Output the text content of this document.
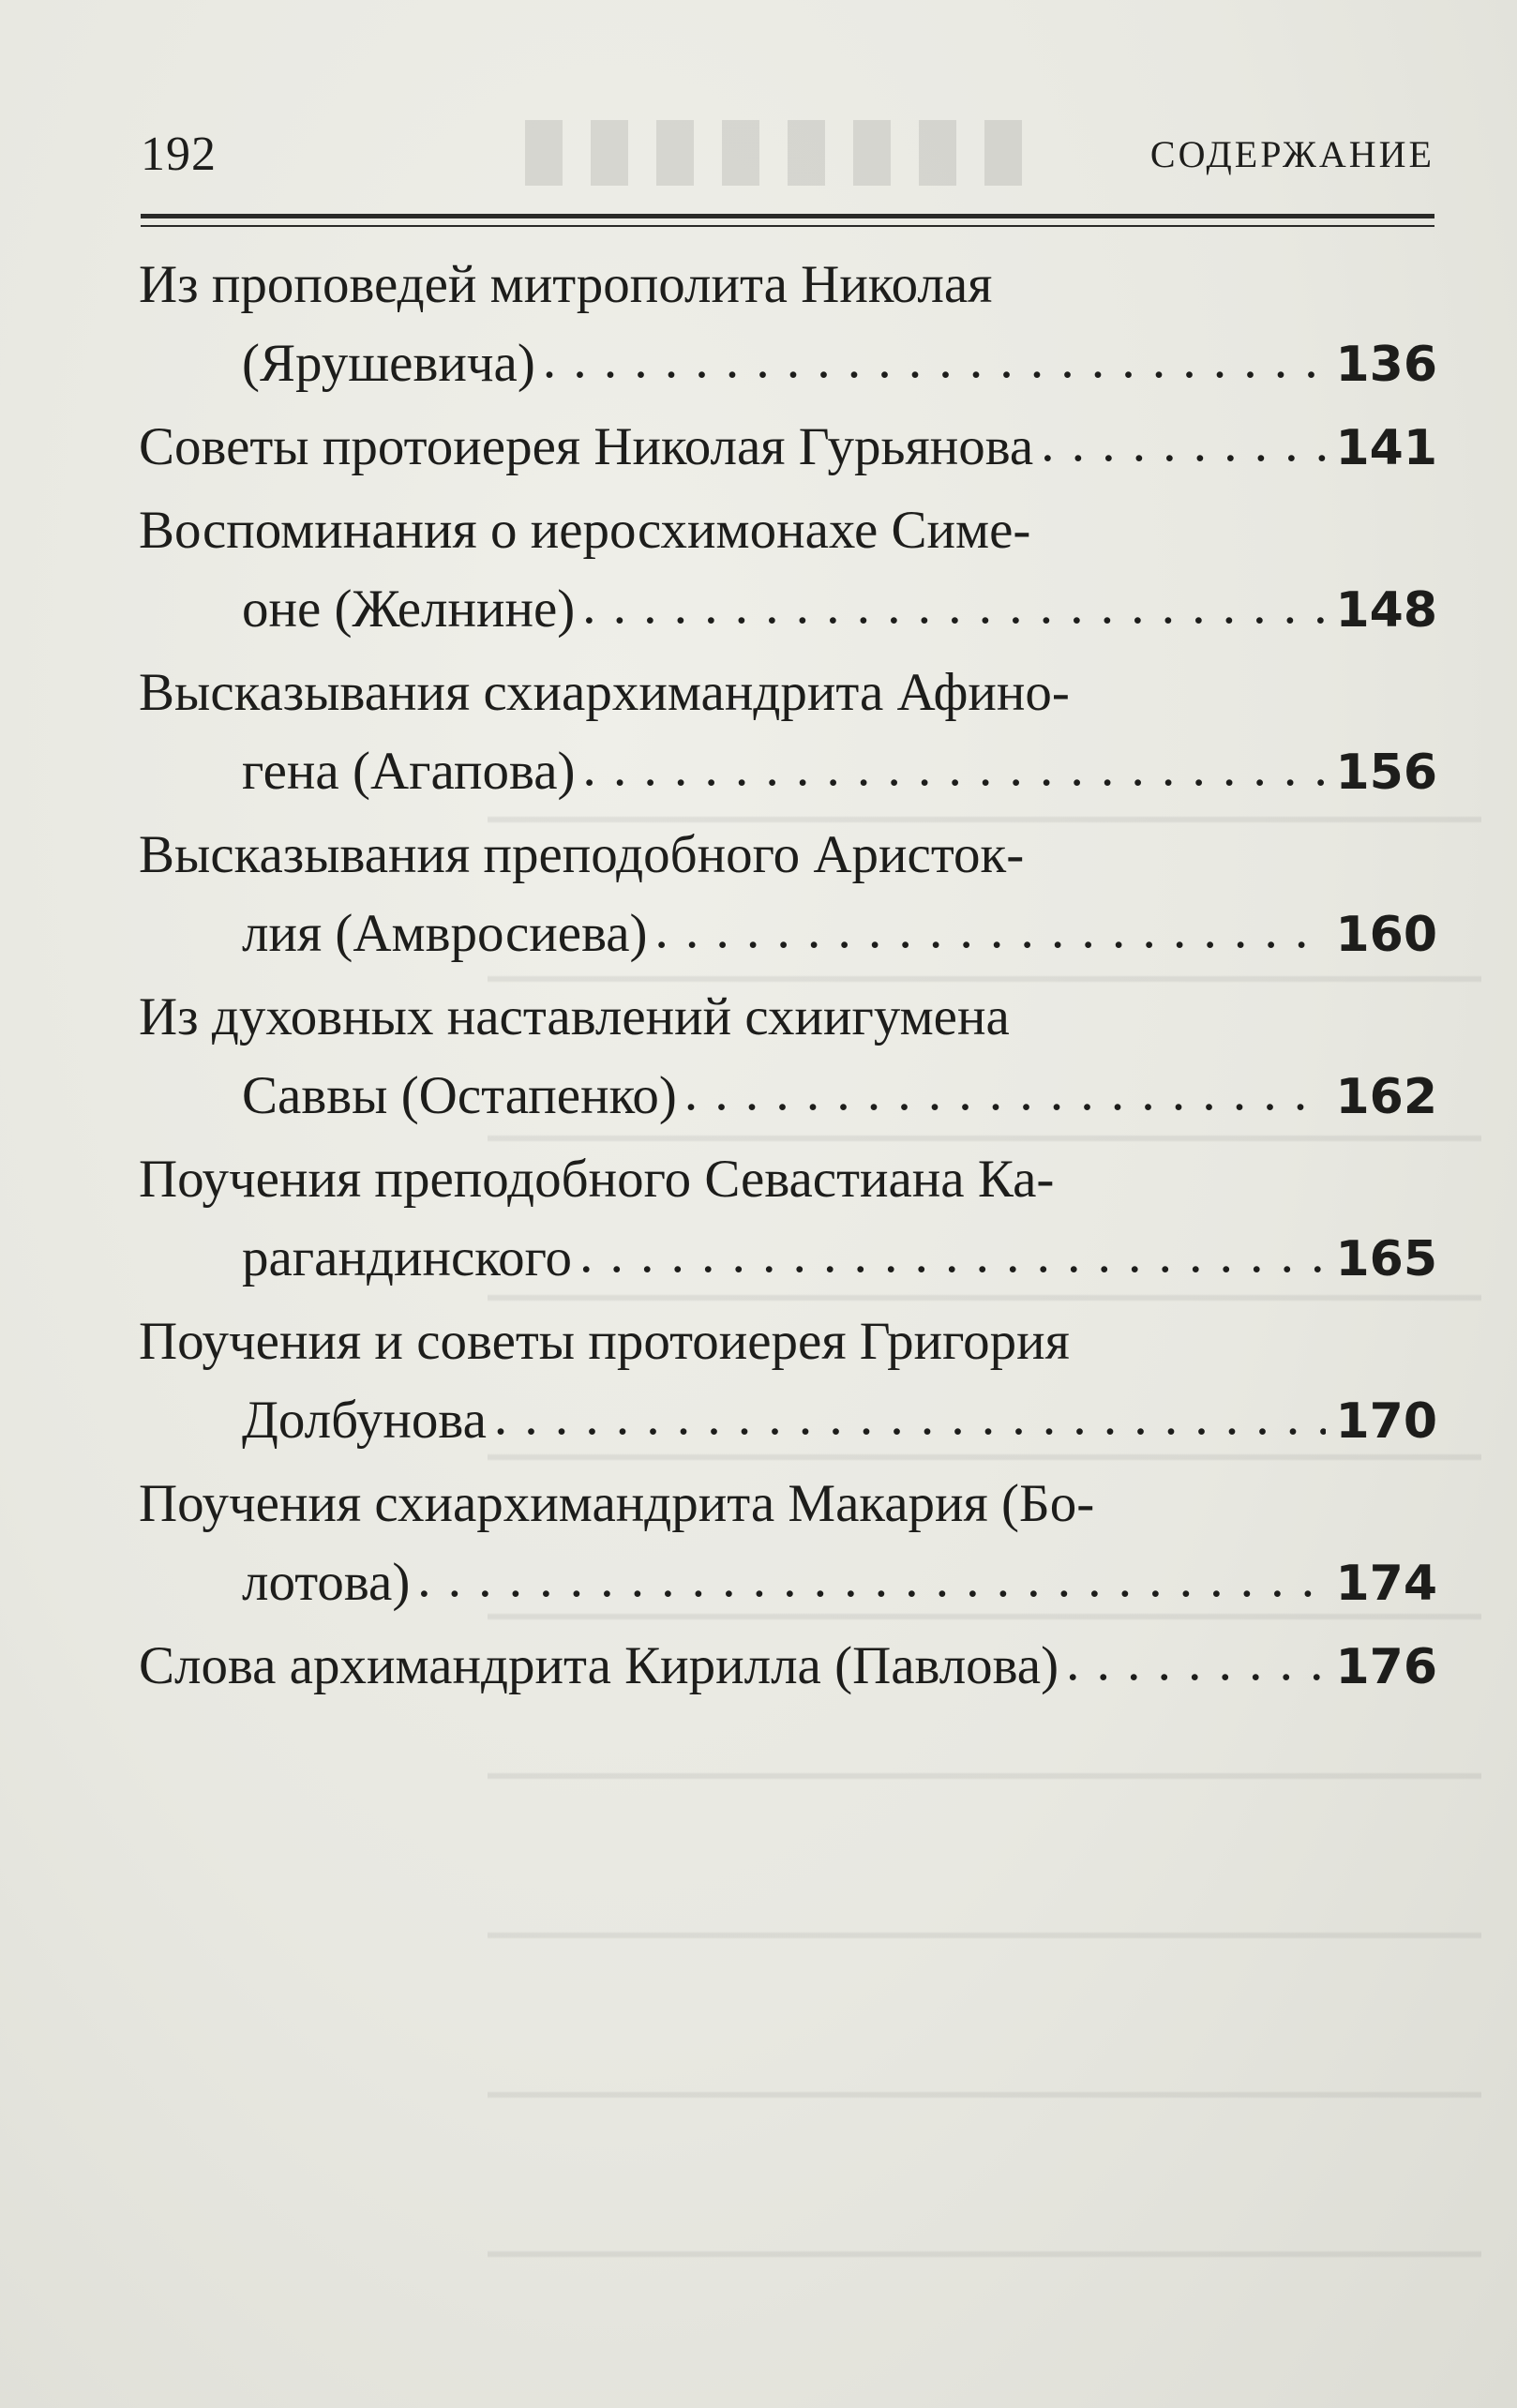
192	СОДЕРЖАНИЕ
Из проповедей митрополита Николая
(Ярушевича) . . .	136
Советы протоиерея Николая Гурьянова . . .	141
Воспоминания о иеросхимонахе Симе-
оне (Желнине) . . .	148
Высказывания схиархимандрита Афино-
гена (Агапова) . . .	156
Высказывания преподобного Аристок-
лия (Амвросиева) . . .	160
Из духовных наставлений схиигумена
Саввы (Остапенко) . . .	162
Поучения преподобного Севастиана Ка-
рагандинского . . .	165
Поучения и советы протоиерея Григория
Долбунова . . .	170
Поучения схиархимандрита Макария (Бо-
лотова) . . .	174
Слова архимандрита Кирилла (Павлова) . . .	176
